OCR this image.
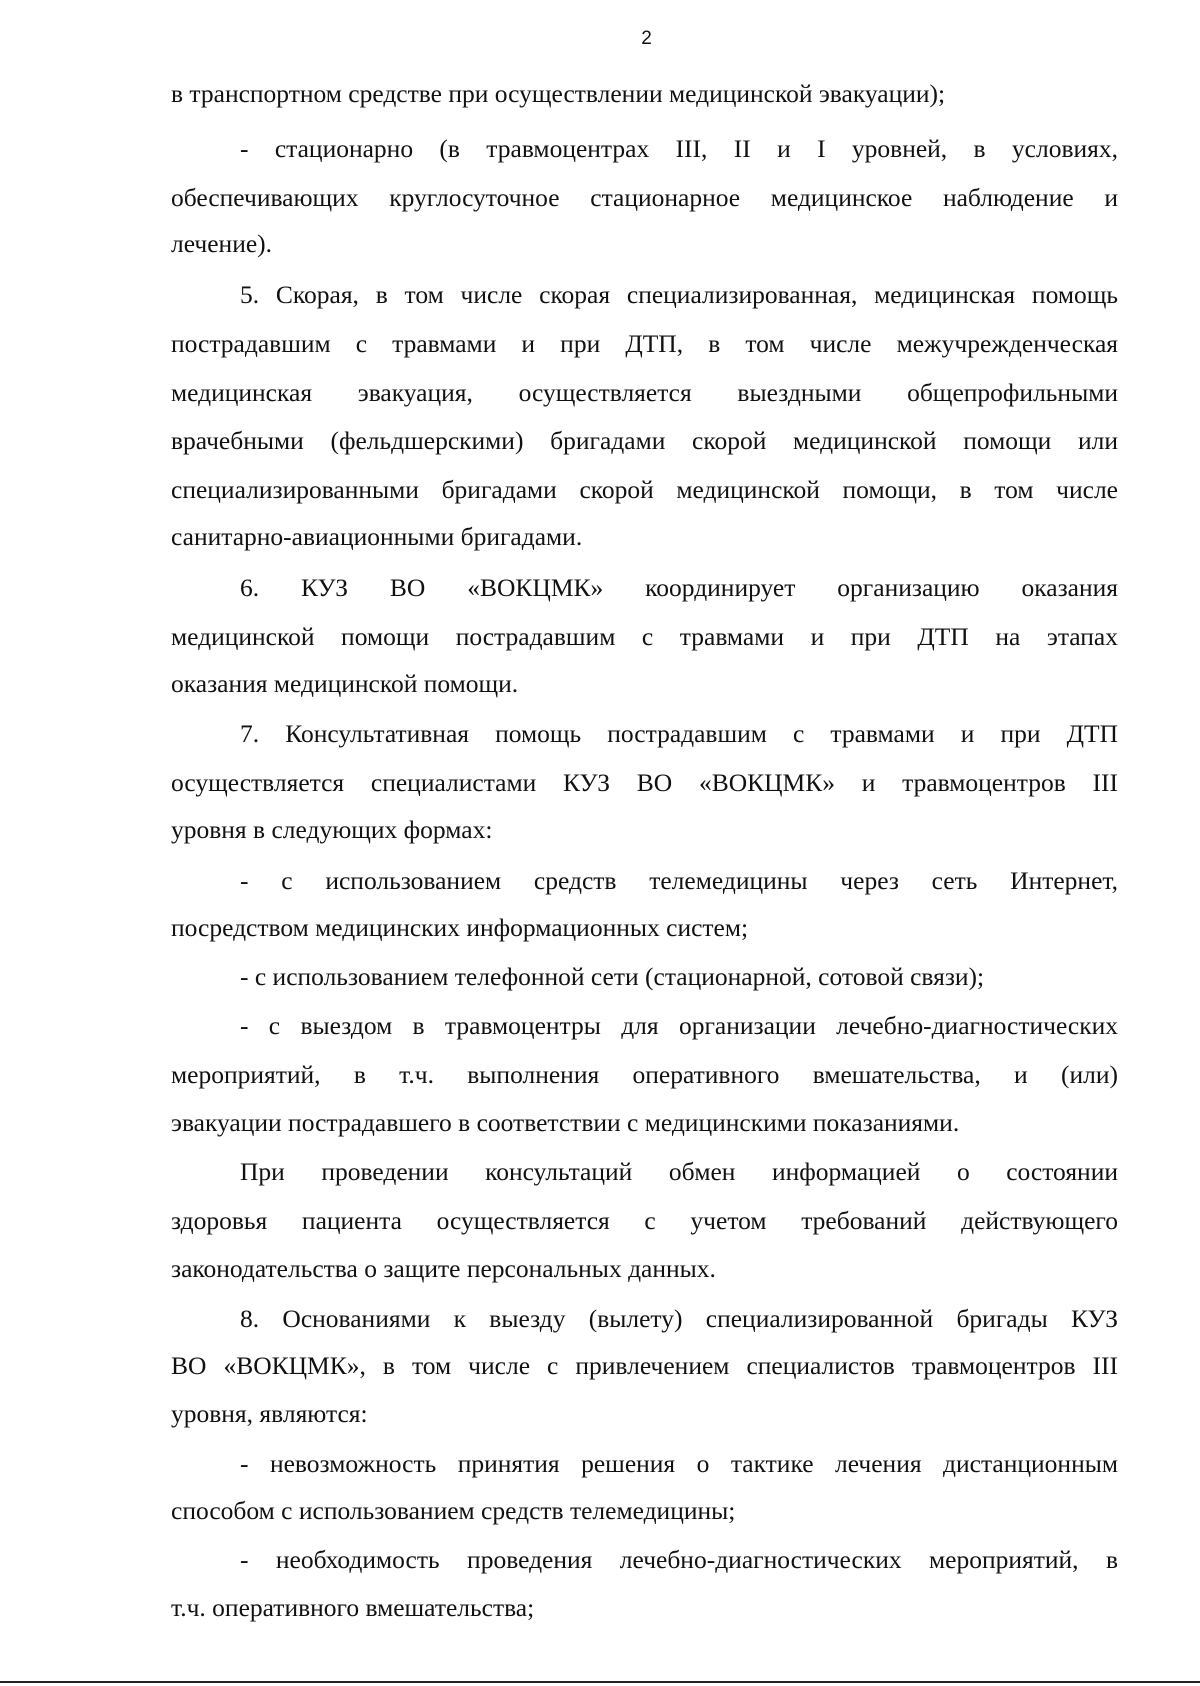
2
в транспортном средстве при осуществлении медицинской эвакуации);
- стационарно (в травмоцентрах III, II и I уровней, в условиях,
обеспечивающих круглосуточное стационарное медицинское наблюдение и
лечение).
5. Скорая, в том числе скорая специализированная, медицинская помощь
пострадавшим с травмами и при ДТП, в том числе межучрежденческая
медицинская эвакуация, осуществляется выездными общепрофильными
врачебными (фельдшерскими) бригадами скорой медицинской помощи или
специализированными бригадами скорой медицинской помощи, в том числе
санитарно-авиационными бригадами.
6. КУЗ ВО «ВОКЦМК» координирует организацию оказания
медицинской помощи пострадавшим с травмами и при ДТП на этапах
оказания медицинской помощи.
7. Консультативная помощь пострадавшим с травмами и при ДТП
осуществляется специалистами КУЗ ВО «ВОКЦМК» и травмоцентров III
уровня в следующих формах:
- с использованием средств телемедицины через сеть Интернет,
посредством медицинских информационных систем;
- с использованием телефонной сети (стационарной, сотовой связи);
- с выездом в травмоцентры для организации лечебно-диагностических
мероприятий, в т.ч. выполнения оперативного вмешательства, и (или)
эвакуации пострадавшего в соответствии с медицинскими показаниями.
При проведении консультаций обмен информацией о состоянии
здоровья пациента осуществляется с учетом требований действующего
законодательства о защите персональных данных.
8. Основаниями к выезду (вылету) специализированной бригады КУЗ
ВО «ВОКЦМК», в том числе с привлечением специалистов травмоцентров III
уровня, являются:
- невозможность принятия решения о тактике лечения дистанционным
способом с использованием средств телемедицины;
- необходимость проведения лечебно-диагностических мероприятий, в
т.ч. оперативного вмешательства;
